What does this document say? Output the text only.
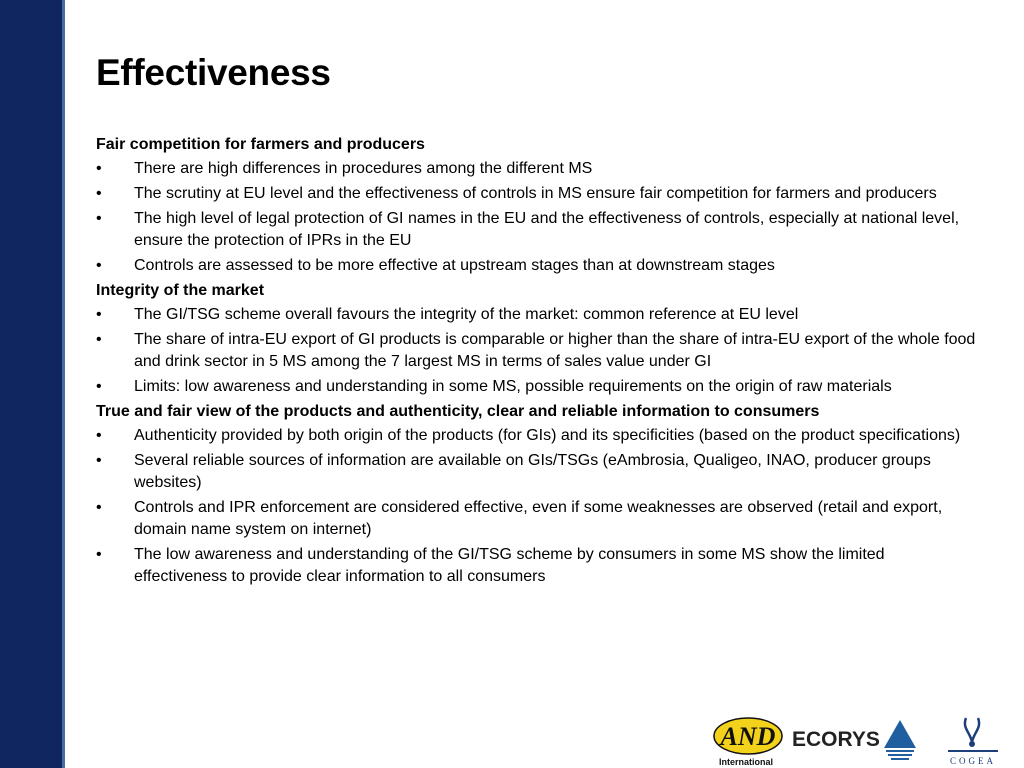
Effectiveness
Fair competition for farmers and producers
• There are high differences in procedures among the different MS
• The scrutiny at EU level and the effectiveness of controls in MS ensure fair competition for farmers and producers
• The high level of legal protection of GI names in the EU and the effectiveness of controls, especially at national level, ensure the protection of IPRs in the EU
• Controls are assessed to be more effective at upstream stages than at downstream stages
Integrity of the market
• The GI/TSG scheme overall favours the integrity of the market: common reference at EU level
• The share of intra-EU export of GI products is comparable or higher than the share of intra-EU export of the whole food and drink sector in 5 MS among the 7 largest MS in terms of sales value under GI
• Limits: low awareness and understanding in some MS, possible requirements on the origin of raw materials
True and fair view of the products and authenticity, clear and reliable information to consumers
• Authenticity provided by both origin of the products (for GIs) and its specificities (based on the product specifications)
• Several reliable sources of information are available on GIs/TSGs (eAmbrosia, Qualigeo, INAO, producer groups websites)
• Controls and IPR enforcement are considered effective, even if some weaknesses are observed (retail and export, domain name system on internet)
• The low awareness and understanding of the GI/TSG scheme by consumers in some MS show the limited effectiveness to provide clear information to all consumers
AND
International
ECORYS
COGEA
